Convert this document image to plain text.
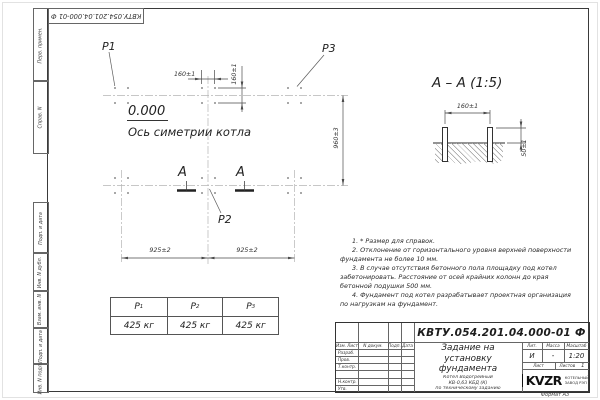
Перв. примен.
Справ. N
Подп. и дата
Инв. N дубл.
Взам. инв. N
Подп. и дата
Инв. N подл.
КВТУ.054.201.04.000-01 Ф
P1	P3
P2
0.000
Ось симетрии котла
160±1	160±1
925±2	925±2
960±3
А	А
А – А (1:5)
160±1
50±1

1. * Размер для справок.

2. Отклонение от горизонтального уровня верхней поверхности фундамента не более 10 мм.

3. В случае отсутствия бетонного пола площадку под котел забетонировать. Расстояние от осей крайних колонн до края бетонной подушки 500 мм.

4. Фундамент под котел разрабатывает проектная организация по нагрузкам на фундамент.

P 1	P 2	P 3
425 кг	425 кг	425 кг
КВТУ.054.201.04.000-01 Ф
Изм. Лист	N докум.	Подп. Дата
Разраб.
Пров.
Т.контр.
Н.контр.
Утв.
Задание на
установку
фундамента
Котел Водогрейный
КВ-0,63 КБД (К)
по техническому заданию
Лит.	Масса	Масштаб
И	-	1:20
Лист	Листов 1
KVZR КОТЕЛЬНЫЙ
ЗАВОД РЭП
Формат А3
